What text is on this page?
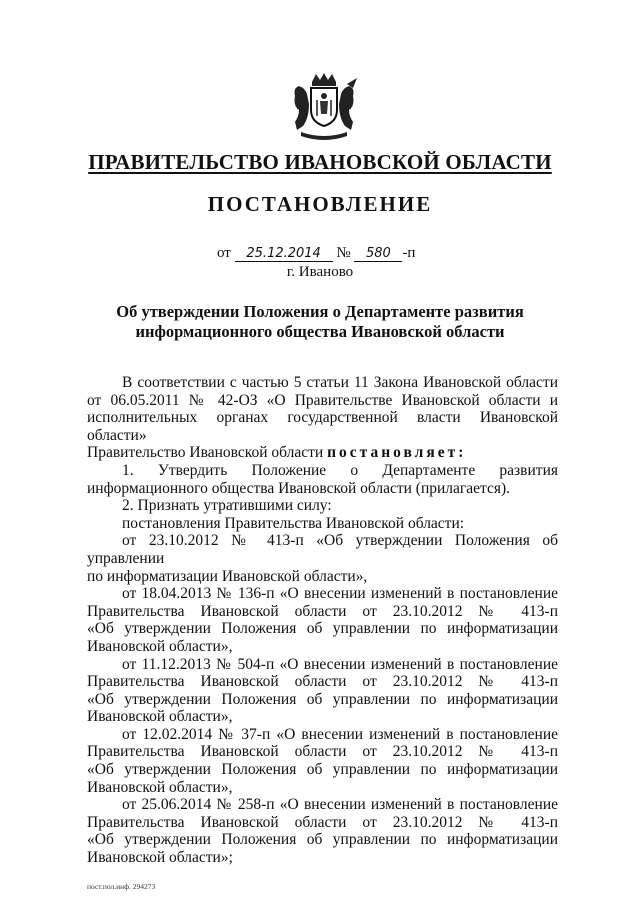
ПРАВИТЕЛЬСТВО ИВАНОВСКОЙ ОБЛАСТИ
ПОСТАНОВЛЕНИЕ
от 25.12.2014 № 580 -п
г. Иваново
Об утверждении Положения о Департаменте развития
информационного общества Ивановской области

В соответствии с частью 5 статьи 11 Закона Ивановской области

от 06.05.2011 № 42-ОЗ «О Правительстве Ивановской области и

исполнительных органах государственной власти Ивановской области»

Правительство Ивановской области постановляет:

1. Утвердить Положение о Департаменте развития

информационного общества Ивановской области (прилагается).

2. Признать утратившими силу:

постановления Правительства Ивановской области:

от 23.10.2012 № 413-п «Об утверждении Положения об управлении

по информатизации Ивановской области»,

от 18.04.2013 № 136-п «О внесении изменений в постановление

Правительства Ивановской области от 23.10.2012 № 413-п

«Об утверждении Положения об управлении по информатизации

Ивановской области»,

от 11.12.2013 № 504-п «О внесении изменений в постановление

Правительства Ивановской области от 23.10.2012 № 413-п

«Об утверждении Положения об управлении по информатизации

Ивановской области»,

от 12.02.2014 № 37-п «О внесении изменений в постановление

Правительства Ивановской области от 23.10.2012 № 413-п

«Об утверждении Положения об управлении по информатизации

Ивановской области»,

от 25.06.2014 № 258-п «О внесении изменений в постановление

Правительства Ивановской области от 23.10.2012 № 413-п

«Об утверждении Положения об управлении по информатизации

Ивановской области»;

пост.пол.инф. 294273
